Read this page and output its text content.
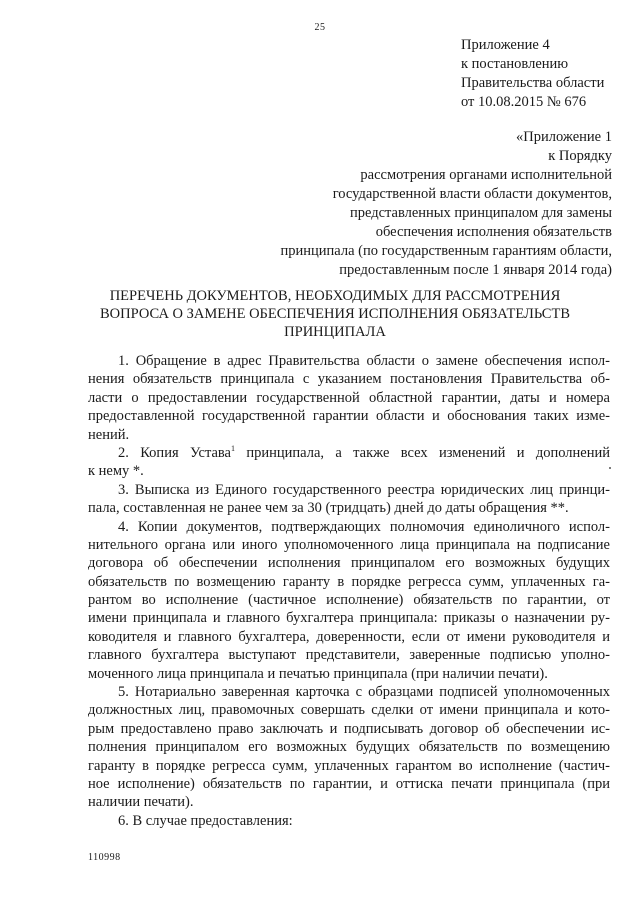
25
Приложение 4
к постановлению
Правительства области
от 10.08.2015 № 676
«Приложение 1
к Порядку
рассмотрения органами исполнительной
государственной власти области документов,
представленных принципалом для замены
обеспечения исполнения обязательств
принципала (по государственным гарантиям области,
предоставленным после 1 января 2014 года)
ПЕРЕЧЕНЬ ДОКУМЕНТОВ, НЕОБХОДИМЫХ ДЛЯ РАССМОТРЕНИЯ
ВОПРОСА О ЗАМЕНЕ ОБЕСПЕЧЕНИЯ ИСПОЛНЕНИЯ ОБЯЗАТЕЛЬСТВ
ПРИНЦИПАЛА
1. Обращение в адрес Правительства области о замене обеспечения испол-
нения обязательств принципала с указанием постановления Правительства об-
ласти о предоставлении государственной областной гарантии, даты и номера
предоставленной государственной гарантии области и обоснования таких изме-
нений.
2. Копия Устава$^1$ принципала, а также всех изменений и дополнений
к нему *.
3. Выписка из Единого государственного реестра юридических лиц принци-
пала, составленная не ранее чем за 30 (тридцать) дней до даты обращения **.
4. Копии документов, подтверждающих полномочия единоличного испол-
нительного органа или иного уполномоченного лица принципала на подписание
договора об обеспечении исполнения принципалом его возможных будущих
обязательств по возмещению гаранту в порядке регресса сумм, уплаченных га-
рантом во исполнение (частичное исполнение) обязательств по гарантии, от
имени принципала и главного бухгалтера принципала: приказы о назначении ру-
ководителя и главного бухгалтера, доверенности, если от имени руководителя и
главного бухгалтера выступают представители, заверенные подписью уполно-
моченного лица принципала и печатью принципала (при наличии печати).
5. Нотариально заверенная карточка с образцами подписей уполномоченных
должностных лиц, правомочных совершать сделки от имени принципала и кото-
рым предоставлено право заключать и подписывать договор об обеспечении ис-
полнения принципалом его возможных будущих обязательств по возмещению
гаранту в порядке регресса сумм, уплаченных гарантом во исполнение (частич-
ное исполнение) обязательств по гарантии, и оттиска печати принципала (при
наличии печати).
6. В случае предоставления:
110998
